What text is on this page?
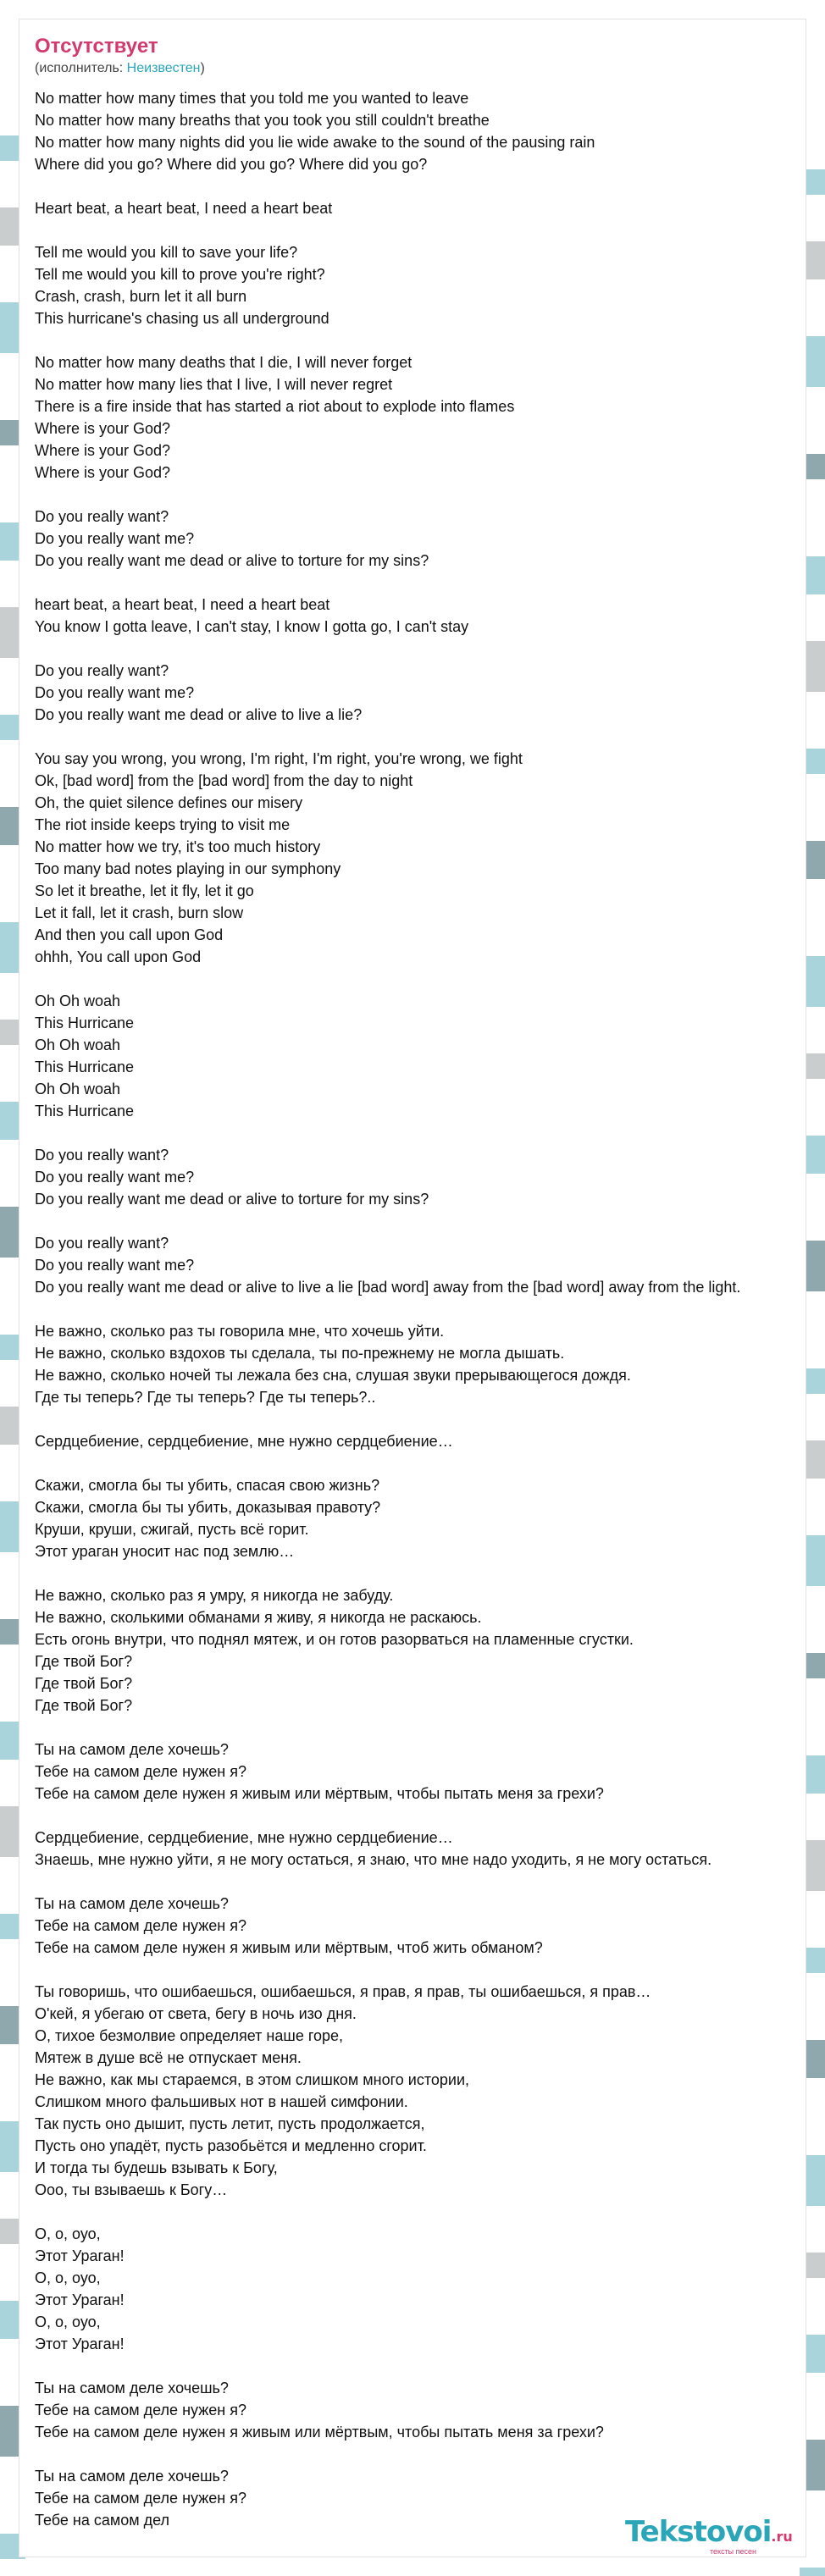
Отсутствует
(исполнитель: Неизвестен)
No matter how many times that you told me you wanted to leave
No matter how many breaths that you took you still couldn't breathe
No matter how many nights did you lie wide awake to the sound of the pausing rain
Where did you go? Where did you go? Where did you go?
Heart beat, a heart beat, I need a heart beat
Tell me would you kill to save your life?
Tell me would you kill to prove you're right?
Crash, crash, burn let it all burn
This hurricane's chasing us all underground
No matter how many deaths that I die, I will never forget
No matter how many lies that I live, I will never regret
There is a fire inside that has started a riot about to explode into flames
Where is your God?
Where is your God?
Where is your God?
Do you really want?
Do you really want me?
Do you really want me dead or alive to torture for my sins?
heart beat, a heart beat, I need a heart beat
You know I gotta leave, I can't stay, I know I gotta go, I can't stay
Do you really want?
Do you really want me?
Do you really want me dead or alive to live a lie?
You say you wrong, you wrong, I'm right, I'm right, you're wrong, we fight
Ok, [bad word] from the [bad word] from the day to night
Oh, the quiet silence defines our misery
The riot inside keeps trying to visit me
No matter how we try, it's too much history
Too many bad notes playing in our symphony
So let it breathe, let it fly, let it go
Let it fall, let it crash, burn slow
And then you call upon God
ohhh, You call upon God
Oh Oh woah
This Hurricane
Oh Oh woah
This Hurricane
Oh Oh woah
This Hurricane
Do you really want?
Do you really want me?
Do you really want me dead or alive to torture for my sins?
Do you really want?
Do you really want me?
Do you really want me dead or alive to live a lie [bad word] away from the [bad word] away from the light.
Не важно, сколько раз ты говорила мне, что хочешь уйти.
Не важно, сколько вздохов ты сделала, ты по-прежнему не могла дышать.
Не важно, сколько ночей ты лежала без сна, слушая звуки прерывающегося дождя.
Где ты теперь? Где ты теперь? Где ты теперь?..
Сердцебиение, сердцебиение, мне нужно сердцебиение…
Скажи, смогла бы ты убить, спасая свою жизнь?
Скажи, смогла бы ты убить, доказывая правоту?
Круши, круши, сжигай, пусть всё горит.
Этот ураган уносит нас под землю…
Не важно, сколько раз я умру, я никогда не забуду.
Не важно, сколькими обманами я живу, я никогда не раскаюсь.
Есть огонь внутри, что поднял мятеж, и он готов разорваться на пламенные сгустки.
Где твой Бог?
Где твой Бог?
Где твой Бог?
Ты на самом деле хочешь?
Тебе на самом деле нужен я?
Тебе на самом деле нужен я живым или мёртвым, чтобы пытать меня за грехи?
Сердцебиение, сердцебиение, мне нужно сердцебиение…
Знаешь, мне нужно уйти, я не могу остаться, я знаю, что мне надо уходить, я не могу остаться.
Ты на самом деле хочешь?
Тебе на самом деле нужен я?
Тебе на самом деле нужен я живым или мёртвым, чтоб жить обманом?
Ты говоришь, что ошибаешься, ошибаешься, я прав, я прав, ты ошибаешься, я прав…
О'кей, я убегаю от света, бегу в ночь изо дня.
О, тихое безмолвие определяет наше горе,
Мятеж в душе всё не отпускает меня.
Не важно, как мы стараемся, в этом слишком много истории,
Слишком много фальшивых нот в нашей симфонии.
Так пусть оно дышит, пусть летит, пусть продолжается,
Пусть оно упадёт, пусть разобьётся и медленно сгорит.
И тогда ты будешь взывать к Богу,
Ооо, ты взываешь к Богу…
О, о, оуо,
Этот Ураган!
О, о, оуо,
Этот Ураган!
О, о, оуо,
Этот Ураган!
Ты на самом деле хочешь?
Тебе на самом деле нужен я?
Тебе на самом деле нужен я живым или мёртвым, чтобы пытать меня за грехи?
Ты на самом деле хочешь?
Тебе на самом деле нужен я?
Тебе на самом дел	Tekstovoi.ru
тексты песен
